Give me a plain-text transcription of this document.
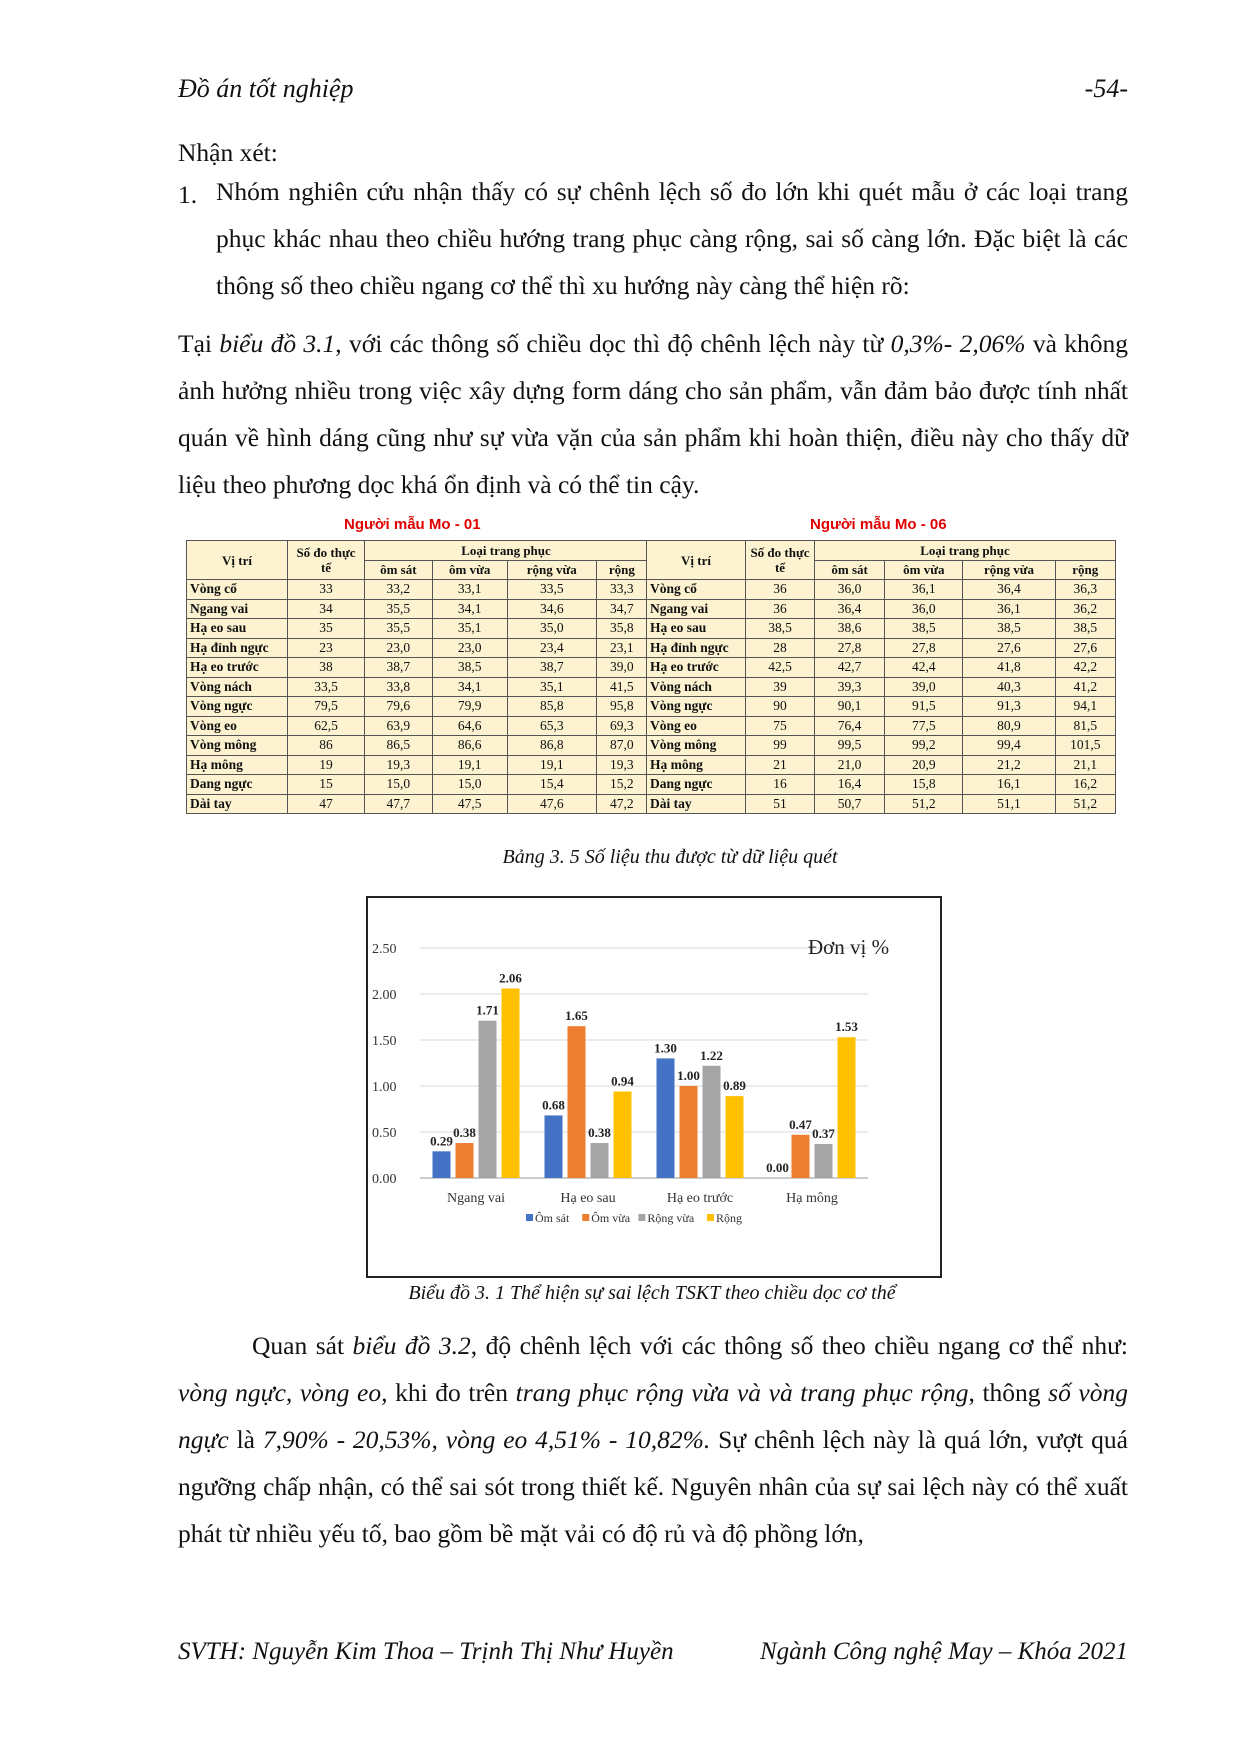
Đồ án tốt nghiệp	-54-
Nhận xét:
1. Nhóm nghiên cứu nhận thấy có sự chênh lệch số đo lớn khi quét mẫu ở các loại trang phục khác nhau theo chiều hướng trang phục càng rộng, sai số càng lớn. Đặc biệt là các thông số theo chiều ngang cơ thể thì xu hướng này càng thể hiện rõ:
Tại biểu đồ 3.1, với các thông số chiều dọc thì độ chênh lệch này từ 0,3%- 2,06% và không ảnh hưởng nhiều trong việc xây dựng form dáng cho sản phẩm, vẫn đảm bảo được tính nhất quán về hình dáng cũng như sự vừa vặn của sản phẩm khi hoàn thiện, điều này cho thấy dữ liệu theo phương dọc khá ổn định và có thể tin cậy.
Người mẫu Mo - 01	Người mẫu Mo - 06
Vị trí	Số đo thực tế	Loại trang phục			
		ôm sát	ôm vừa	rộng vừa	rộng
Vòng cổ	33	33,2	33,1	33,5	33,3
Ngang vai	34	35,5	34,1	34,6	34,7
Hạ eo sau	35	35,5	35,1	35,0	35,8
Hạ đỉnh ngực	23	23,0	23,0	23,4	23,1
Hạ eo trước	38	38,7	38,5	38,7	39,0
Vòng nách	33,5	33,8	34,1	35,1	41,5
Vòng ngực	79,5	79,6	79,9	85,8	95,8
Vòng eo	62,5	63,9	64,6	65,3	69,3
Vòng mông	86	86,5	86,6	86,8	87,0
Hạ mông	19	19,3	19,1	19,1	19,3
Dang ngực	15	15,0	15,0	15,4	15,2
Dài tay	47	47,7	47,5	47,6	47,2
Vị trí	Số đo thực tế	Loại trang phục			
		ôm sát	ôm vừa	rộng vừa	rộng
Vòng cổ	36	36,0	36,1	36,4	36,3
Ngang vai	36	36,4	36,0	36,1	36,2
Hạ eo sau	38,5	38,6	38,5	38,5	38,5
Hạ đỉnh ngực	28	27,8	27,8	27,6	27,6
Hạ eo trước	42,5	42,7	42,4	41,8	42,2
Vòng nách	39	39,3	39,0	40,3	41,2
Vòng ngực	90	90,1	91,5	91,3	94,1
Vòng eo	75	76,4	77,5	80,9	81,5
Vòng mông	99	99,5	99,2	99,4	101,5
Hạ mông	21	21,0	20,9	21,2	21,1
Dang ngực	16	16,4	15,8	16,1	16,2
Dài tay	51	50,7	51,2	51,1	51,2
Bảng 3. 5 Số liệu thu được từ dữ liệu quét
0.00
0.50
1.00
1.50
2.00
2.50
0.29
0.38
1.71
2.06
Ngang vai
0.68
1.65
0.38
0.94
Hạ eo sau
1.30
1.00
1.22
0.89
Hạ eo trước
0.00
0.47
0.37
1.53
Hạ mông
Đơn vị %
Ôm sát Ôm vừa Rộng vừa Rộng
Biểu đồ 3. 1 Thể hiện sự sai lệch TSKT theo chiều dọc cơ thể
Quan sát biểu đồ 3.2, độ chênh lệch với các thông số theo chiều ngang cơ thể như: vòng ngực, vòng eo, khi đo trên trang phục rộng vừa và và trang phục rộng, thông số vòng ngực là 7,90% - 20,53%, vòng eo 4,51% - 10,82%. Sự chênh lệch này là quá lớn, vượt quá ngưỡng chấp nhận, có thể sai sót trong thiết kế. Nguyên nhân của sự sai lệch này có thể xuất phát từ nhiều yếu tố, bao gồm bề mặt vải có độ rủ và độ phồng lớn,
SVTH: Nguyễn Kim Thoa – Trịnh Thị Như Huyền	Ngành Công nghệ May – Khóa 2021
